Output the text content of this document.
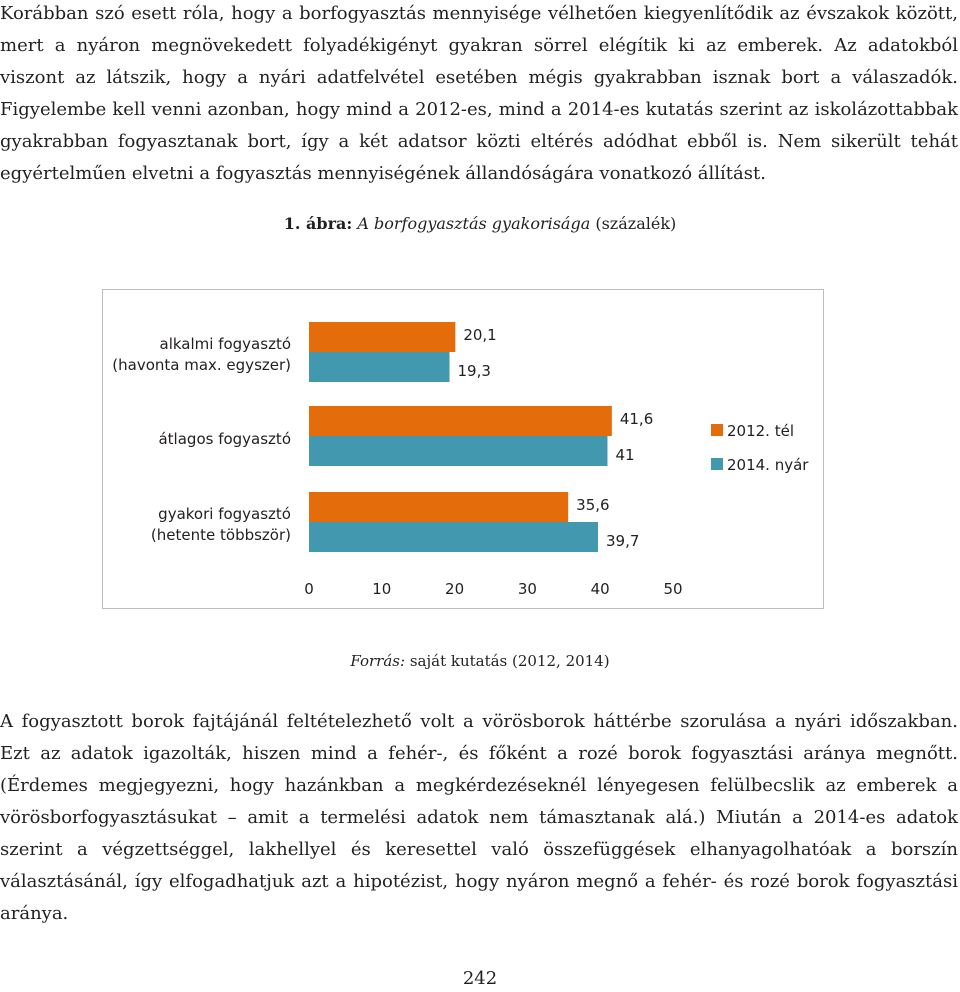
Korábban szó esett róla, hogy a borfogyasztás mennyisége vélhetően kiegyenlítődik az évszakok között, mert a nyáron megnövekedett folyadékigényt gyakran sörrel elégítik ki az emberek. Az adatokból viszont az látszik, hogy a nyári adatfelvétel esetében mégis gyakrabban isznak bort a válaszadók. Figyelembe kell venni azonban, hogy mind a 2012-es, mind a 2014-es kutatás szerint az iskolázottabbak gyakrabban fogyasztanak bort, így a két adatsor közti eltérés adódhat ebből is. Nem sikerült tehát egyértelműen elvetni a fogyasztás mennyiségének állandóságára vonatkozó állítást.

1. ábra: A borfogyasztás gyakorisága (százalék)
alkalmi fogyasztó
(havonta max. egyszer)
átlagos fogyasztó
gyakori fogyasztó
(hetente többször)
20,1
19,3
41,6
41
35,6
39,7
0	10	20	30	40	50
2012. tél
2014. nyár
Forrás: saját kutatás (2012, 2014)

A fogyasztott borok fajtájánál feltételezhető volt a vörösborok háttérbe szorulása a nyári időszakban. Ezt az adatok igazolták, hiszen mind a fehér-, és főként a rozé borok fogyasztási aránya megnőtt. (Érdemes megjegyezni, hogy hazánkban a megkérdezéseknél lényegesen felülbecslik az emberek a vörösborfogyasztásukat – amit a termelési adatok nem támasztanak alá.) Miután a 2014-es adatok szerint a végzettséggel, lakhellyel és keresettel való összefüggések elhanyagolhatóak a borszín választásánál, így elfogadhatjuk azt a hipotézist, hogy nyáron megnő a fehér- és rozé borok fogyasztási aránya.

242
